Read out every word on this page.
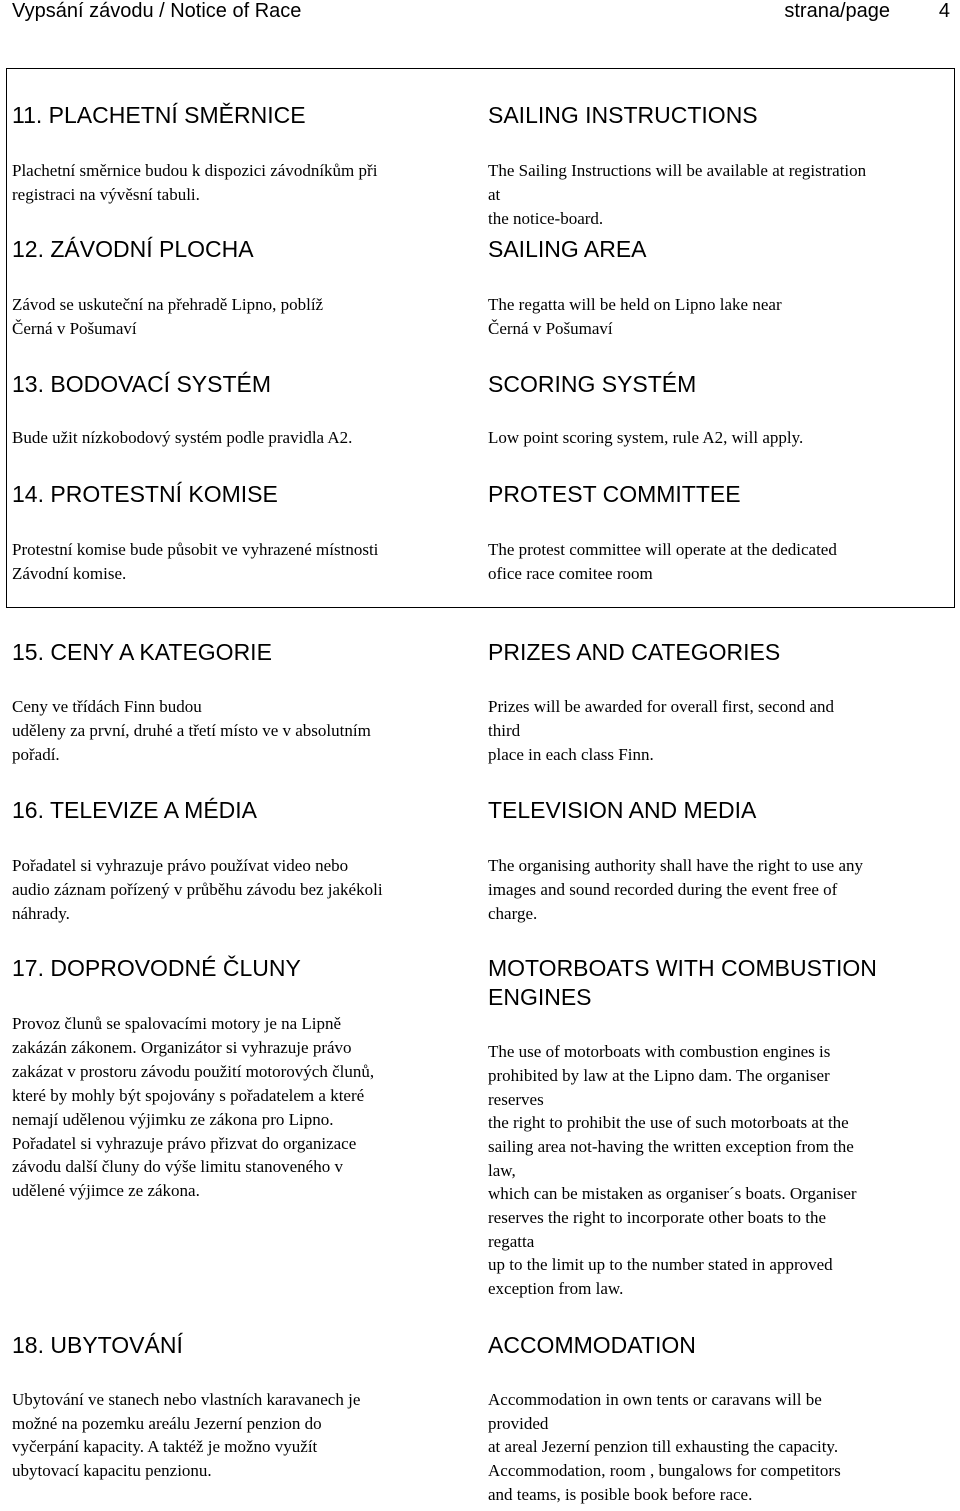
Vypsání závodu / Notice of Race	strana/page 4
11. PLACHETNÍ SMĚRNICE
Plachetní směrnice budou k dispozici závodníkům při
registraci na vývěsní tabuli.
SAILING INSTRUCTIONS
The Sailing Instructions will be available at registration
at
the notice-board.
12. ZÁVODNÍ PLOCHA
Závod se uskuteční na přehradě Lipno, poblíž
Černá v Pošumaví
SAILING AREA
The regatta will be held on Lipno lake near
Černá v Pošumaví
13. BODOVACÍ SYSTÉM
Bude užit nízkobodový systém podle pravidla A2.
SCORING SYSTÉM
Low point scoring system, rule A2, will apply.
14. PROTESTNÍ KOMISE
Protestní komise bude působit ve vyhrazené místnosti
Závodní komise.
PROTEST COMMITTEE
The protest committee will operate at the dedicated
ofice race comitee room
15. CENY A KATEGORIE
Ceny ve třídách Finn budou
uděleny za první, druhé a třetí místo ve v absolutním
pořadí.
PRIZES AND CATEGORIES
Prizes will be awarded for overall first, second and
third
place in each class Finn.
16. TELEVIZE A MÉDIA
Pořadatel si vyhrazuje právo používat video nebo
audio záznam pořízený v průběhu závodu bez jakékoli
náhrady.
TELEVISION AND MEDIA
The organising authority shall have the right to use any
images and sound recorded during the event free of
charge.
17. DOPROVODNÉ ČLUNY
Provoz člunů se spalovacími motory je na Lipně
zakázán zákonem. Organizátor si vyhrazuje právo
zakázat v prostoru závodu použití motorových člunů,
které by mohly být spojovány s pořadatelem a které
nemají udělenou výjimku ze zákona pro Lipno.
Pořadatel si vyhrazuje právo přizvat do organizace
závodu další čluny do výše limitu stanoveného v
udělené výjimce ze zákona.
MOTORBOATS WITH COMBUSTION
ENGINES
The use of motorboats with combustion engines is
prohibited by law at the Lipno dam. The organiser
reserves
the right to prohibit the use of such motorboats at the
sailing area not-having the written exception from the
law,
which can be mistaken as organiser´s boats. Organiser
reserves the right to incorporate other boats to the
regatta
up to the limit up to the number stated in approved
exception from law.
18. UBYTOVÁNÍ
Ubytování ve stanech nebo vlastních karavanech je
možné na pozemku areálu Jezerní penzion do
vyčerpání kapacity. A taktéž je možno využít
ubytovací kapacitu penzionu.
ACCOMMODATION
Accommodation in own tents or caravans will be
provided
at areal Jezerní penzion till exhausting the capacity.
Accommodation, room , bungalows for competitors
and teams, is posible book before race.
